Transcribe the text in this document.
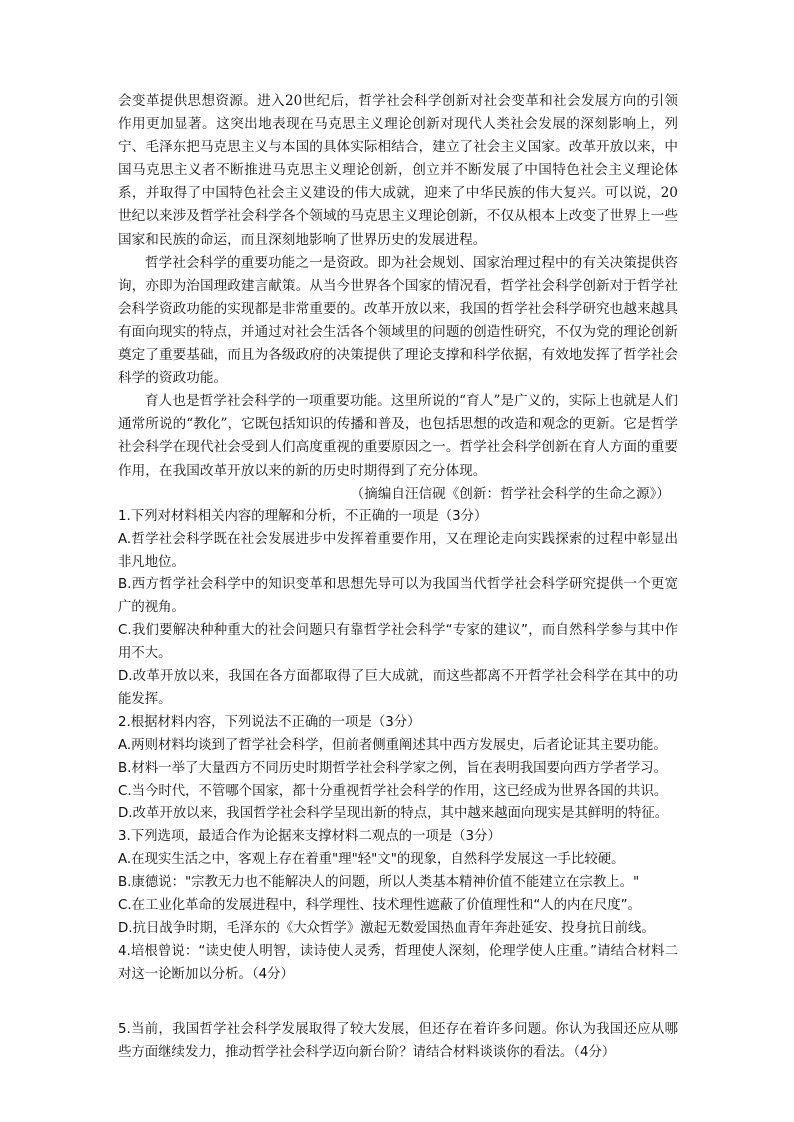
会变革提供思想资源。进入20世纪后，哲学社会科学创新对社会变革和社会发展方向的引领作用更加显著。这突出地表现在马克思主义理论创新对现代人类社会发展的深刻影响上，列宁、毛泽东把马克思主义与本国的具体实际相结合，建立了社会主义国家。改革开放以来，中国马克思主义者不断推进马克思主义理论创新，创立并不断发展了中国特色社会主义理论体系，并取得了中国特色社会主义建设的伟大成就，迎来了中华民族的伟大复兴。可以说，20世纪以来涉及哲学社会科学各个领域的马克思主义理论创新，不仅从根本上改变了世界上一些国家和民族的命运，而且深刻地影响了世界历史的发展进程。

哲学社会科学的重要功能之一是资政。即为社会规划、国家治理过程中的有关决策提供咨询，亦即为治国理政建言献策。从当今世界各个国家的情况看，哲学社会科学创新对于哲学社会科学资政功能的实现都是非常重要的。改革开放以来，我国的哲学社会科学研究也越来越具有面向现实的特点，并通过对社会生活各个领域里的问题的创造性研究，不仅为党的理论创新奠定了重要基础，而且为各级政府的决策提供了理论支撑和科学依据，有效地发挥了哲学社会科学的资政功能。

育人也是哲学社会科学的一项重要功能。这里所说的“育人”是广义的，实际上也就是人们通常所说的“教化”，它既包括知识的传播和普及，也包括思想的改造和观念的更新。它是哲学社会科学在现代社会受到人们高度重视的重要原因之一。哲学社会科学创新在育人方面的重要作用，在我国改革开放以来的新的历史时期得到了充分体现。

（摘编自汪信砚《创新：哲学社会科学的生命之源》）

1.下列对材料相关内容的理解和分析，不正确的一项是（3分）

A.哲学社会科学既在社会发展进步中发挥着重要作用，又在理论走向实践探索的过程中彰显出非凡地位。

B.西方哲学社会科学中的知识变革和思想先导可以为我国当代哲学社会科学研究提供一个更宽广的视角。

C.我们要解决种种重大的社会问题只有靠哲学社会科学“专家的建议”，而自然科学参与其中作用不大。

D.改革开放以来，我国在各方面都取得了巨大成就，而这些都离不开哲学社会科学在其中的功能发挥。

2.根据材料内容，下列说法不正确的一项是（3分）

A.两则材料均谈到了哲学社会科学，但前者侧重阐述其中西方发展史，后者论证其主要功能。

B.材料一举了大量西方不同历史时期哲学社会科学家之例，旨在表明我国要向西方学者学习。

C.当今时代，不管哪个国家，都十分重视哲学社会科学的作用，这已经成为世界各国的共识。

D.改革开放以来，我国哲学社会科学呈现出新的特点，其中越来越面向现实是其鲜明的特征。

3.下列选项，最适合作为论据来支撑材料二观点的一项是（3分）

A.在现实生活之中，客观上存在着重"理"轻"文"的现象，自然科学发展这一手比较硬。

B.康德说："宗教无力也不能解决人的问题，所以人类基本精神价值不能建立在宗教上。"

C.在工业化革命的发展进程中，科学理性、技术理性遮蔽了价值理性和“人的内在尺度”。

D.抗日战争时期，毛泽东的《大众哲学》激起无数爱国热血青年奔赴延安、投身抗日前线。

4.培根曾说：“读史使人明智，读诗使人灵秀，哲理使人深刻，伦理学使人庄重。”请结合材料二对这一论断加以分析。（4分）

5.当前，我国哲学社会科学发展取得了较大发展，但还存在着许多问题。你认为我国还应从哪些方面继续发力，推动哲学社会科学迈向新台阶？请结合材料谈谈你的看法。（4分）
